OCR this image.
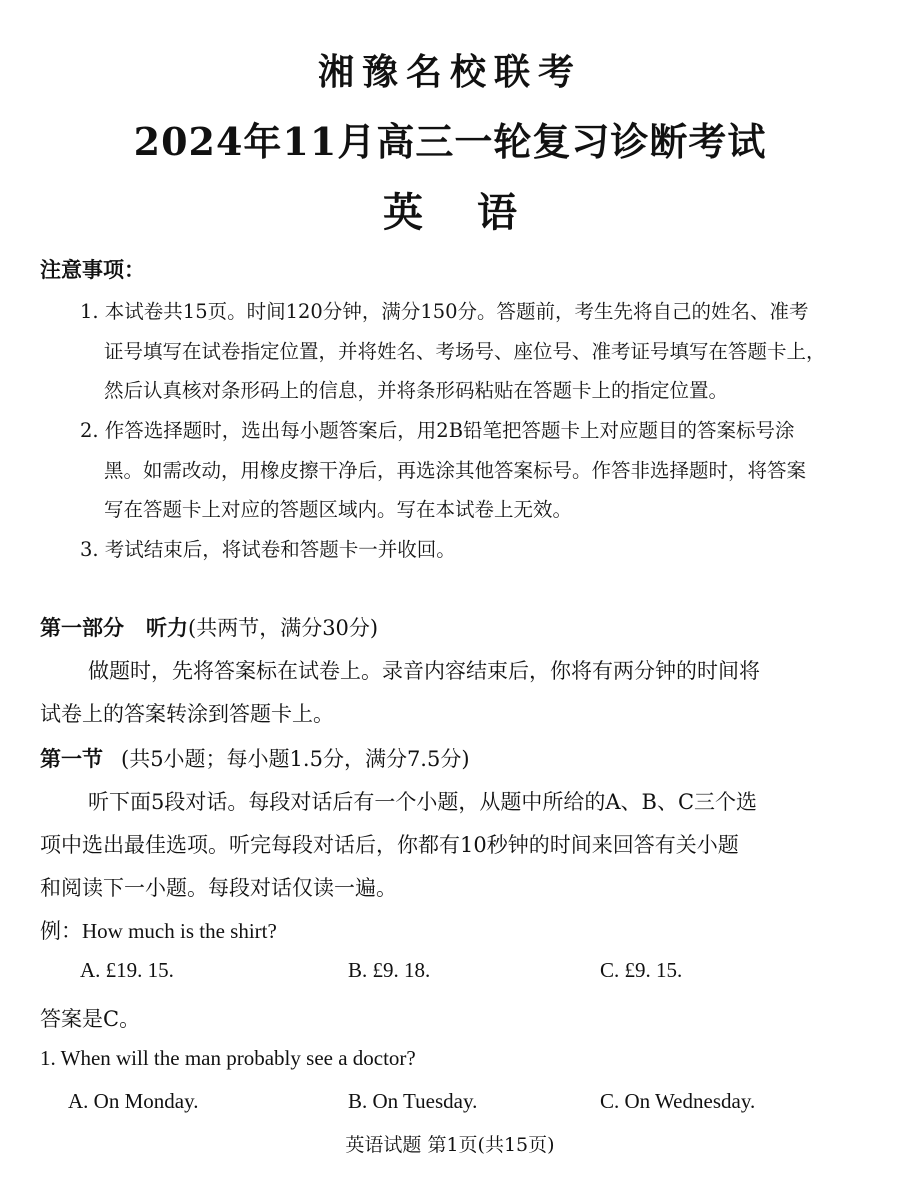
湘豫名校联考
2024年11月高三一轮复习诊断考试
英语
注意事项：
1. 本试卷共15页。时间120分钟，满分150分。答题前，考生先将自己的姓名、准考
证号填写在试卷指定位置，并将姓名、考场号、座位号、准考证号填写在答题卡上，
然后认真核对条形码上的信息，并将条形码粘贴在答题卡上的指定位置。
2. 作答选择题时，选出每小题答案后，用2B铅笔把答题卡上对应题目的答案标号涂
黑。如需改动，用橡皮擦干净后，再选涂其他答案标号。作答非选择题时，将答案
写在答题卡上对应的答题区域内。写在本试卷上无效。
3. 考试结束后，将试卷和答题卡一并收回。
第一部分 听力(共两节，满分30分)
做题时，先将答案标在试卷上。录音内容结束后，你将有两分钟的时间将
试卷上的答案转涂到答题卡上。
第一节 (共5小题；每小题1.5分，满分7.5分)
听下面5段对话。每段对话后有一个小题，从题中所给的A、B、C三个选
项中选出最佳选项。听完每段对话后，你都有10秒钟的时间来回答有关小题
和阅读下一小题。每段对话仅读一遍。
例：How much is the shirt?
A. £19. 15.	B. £9. 18.	C. £9. 15.
答案是C。
1. When will the man probably see a doctor?
A. On Monday.	B. On Tuesday.	C. On Wednesday.
英语试题 第1页(共15页)
